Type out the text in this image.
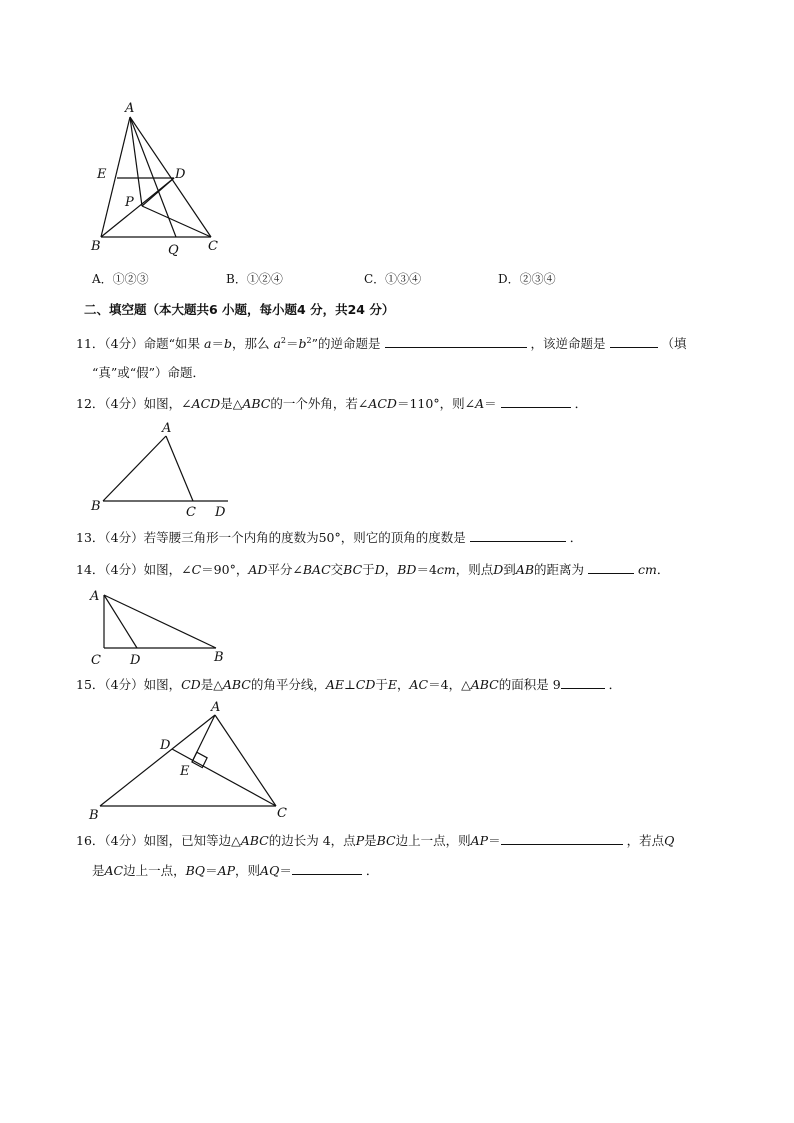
A
E	D
P
B	Q C
A．①②③	B．①②④	C．①③④	D．②③④
二、填空题（本大题共6 小题，每小题4 分，共24 分）
11．（4分）命题“如果 a＝b，那么 $a^2=b^2$”的逆命题是	，该逆命题是	（填
“真”或“假”）命题．
12．（4分）如图，∠ACD是△ABC的一个外角，若∠ACD＝110°，则∠A＝	．
A
B	C D
13．（4分）若等腰三角形一个内角的度数为50°，则它的顶角的度数是	．
14．（4分）如图，∠C＝90°，AD平分∠BAC交BC于D，BD＝4cm，则点D到AB的距离为	cm．
A
C D	B
15．（4分）如图，CD是△ABC的角平分线，AE⊥CD于E，AC＝4，△ABC的面积是 9	．
A
D
E
B	C
16．（4分）如图，已知等边△ABC的边长为 4，点P是BC边上一点，则AP＝	，若点Q
是AC边上一点，BQ＝AP，则AQ＝	．
